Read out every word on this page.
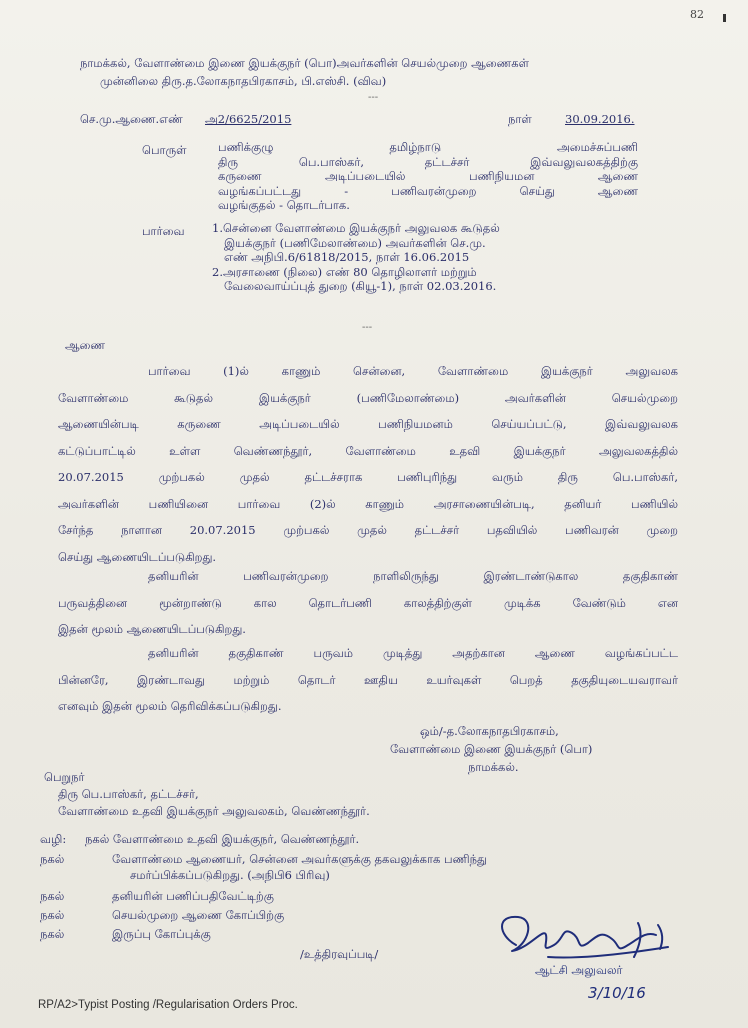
82
நாமக்கல், வேளாண்மை இணை இயக்குநர் (பொ)அவர்களின் செயல்முறை ஆணைகள்
முன்னிலை திரு.த.லோகநாதபிரகாசம், பி.எஸ்சி. (விவ)
---
செ.மு.ஆணை.எண் அ2/6625/2015	நாள்	30.09.2016.
பொருள்	பணிக்குழு தமிழ்நாடு அமைச்சுப்பணி
திரு பெ.பாஸ்கர், தட்டச்சர் இவ்வலுவலகத்திற்கு
கருணை அடிப்படையில் பணிநியமன ஆணை
வழங்கப்பட்டது - பணிவரன்முறை செய்து ஆணை
வழங்குதல் - தொடர்பாக.
பார்வை 1.சென்னை வேளாண்மை இயக்குநர் அலுவலக கூடுதல்
இயக்குநர் (பணிமேலாண்மை) அவர்களின் செ.மு.
எண் அநிபி.6/61818/2015, நாள் 16.06.2015
2.அரசாணை (நிலை) எண் 80 தொழிலாளர் மற்றும்
வேலைவாய்ப்புத் துறை (கியூ-1), நாள் 02.03.2016.
---
ஆணை
பார்வை (1)ல் காணும் சென்னை, வேளாண்மை இயக்குநர் அலுவலக
வேளாண்மை கூடுதல் இயக்குநர் (பணிமேலாண்மை) அவர்களின் செயல்முறை
ஆணையின்படி கருணை அடிப்படையில் பணிநியமனம் செய்யப்பட்டு, இவ்வலுவலக
கட்டுப்பாட்டில் உள்ள வெண்ணந்தூர், வேளாண்மை உதவி இயக்குநர் அலுவலகத்தில்
20.07.2015 முற்பகல் முதல் தட்டச்சராக பணிபுரிந்து வரும் திரு பெ.பாஸ்கர்,
அவர்களின் பணியினை பார்வை (2)ல் காணும் அரசாணையின்படி, தனியர் பணியில்
சேர்ந்த நாளான 20.07.2015 முற்பகல் முதல் தட்டச்சர் பதவியில் பணிவரன் முறை
செய்து ஆணையிடப்படுகிறது.
தனியரின் பணிவரன்முறை நாளிலிருந்து இரண்டாண்டுகால தகுதிகாண்
பருவத்தினை மூன்றாண்டு கால தொடர்பணி காலத்திற்குள் முடிக்க வேண்டும் என
இதன் மூலம் ஆணையிடப்படுகிறது.
தனியரின் தகுதிகாண் பருவம் முடித்து அதற்கான ஆணை வழங்கப்பட்ட
பின்னரே, இரண்டாவது மற்றும் தொடர் ஊதிய உயர்வுகள் பெறத் தகுதியுடையவராவர்
எனவும் இதன் மூலம் தெரிவிக்கப்படுகிறது.
ஒம்/-த.லோகநாதபிரகாசம்,
வேளாண்மை இணை இயக்குநர் (பொ)
நாமக்கல்.
பெறுநர்
திரு பெ.பாஸ்கர், தட்டச்சர்,
வேளாண்மை உதவி இயக்குநர் அலுவலகம், வெண்ணந்தூர்.
வழி: நகல் வேளாண்மை உதவி இயக்குநர், வெண்ணந்தூர்.
நகல்	வேளாண்மை ஆணையர், சென்னை அவர்களுக்கு தகவலுக்காக பணிந்து
சமர்ப்பிக்கப்படுகிறது. (அநிபி6 பிரிவு)
நகல்	தனியரின் பணிப்பதிவேட்டிற்கு
நகல்	செயல்முறை ஆணை கோப்பிற்கு
நகல்	இருப்பு கோப்புக்கு
/உத்திரவுப்படி/
ஆட்சி அலுவலர்
3/10/16
RP/A2>Typist Posting /Regularisation Orders Proc.
